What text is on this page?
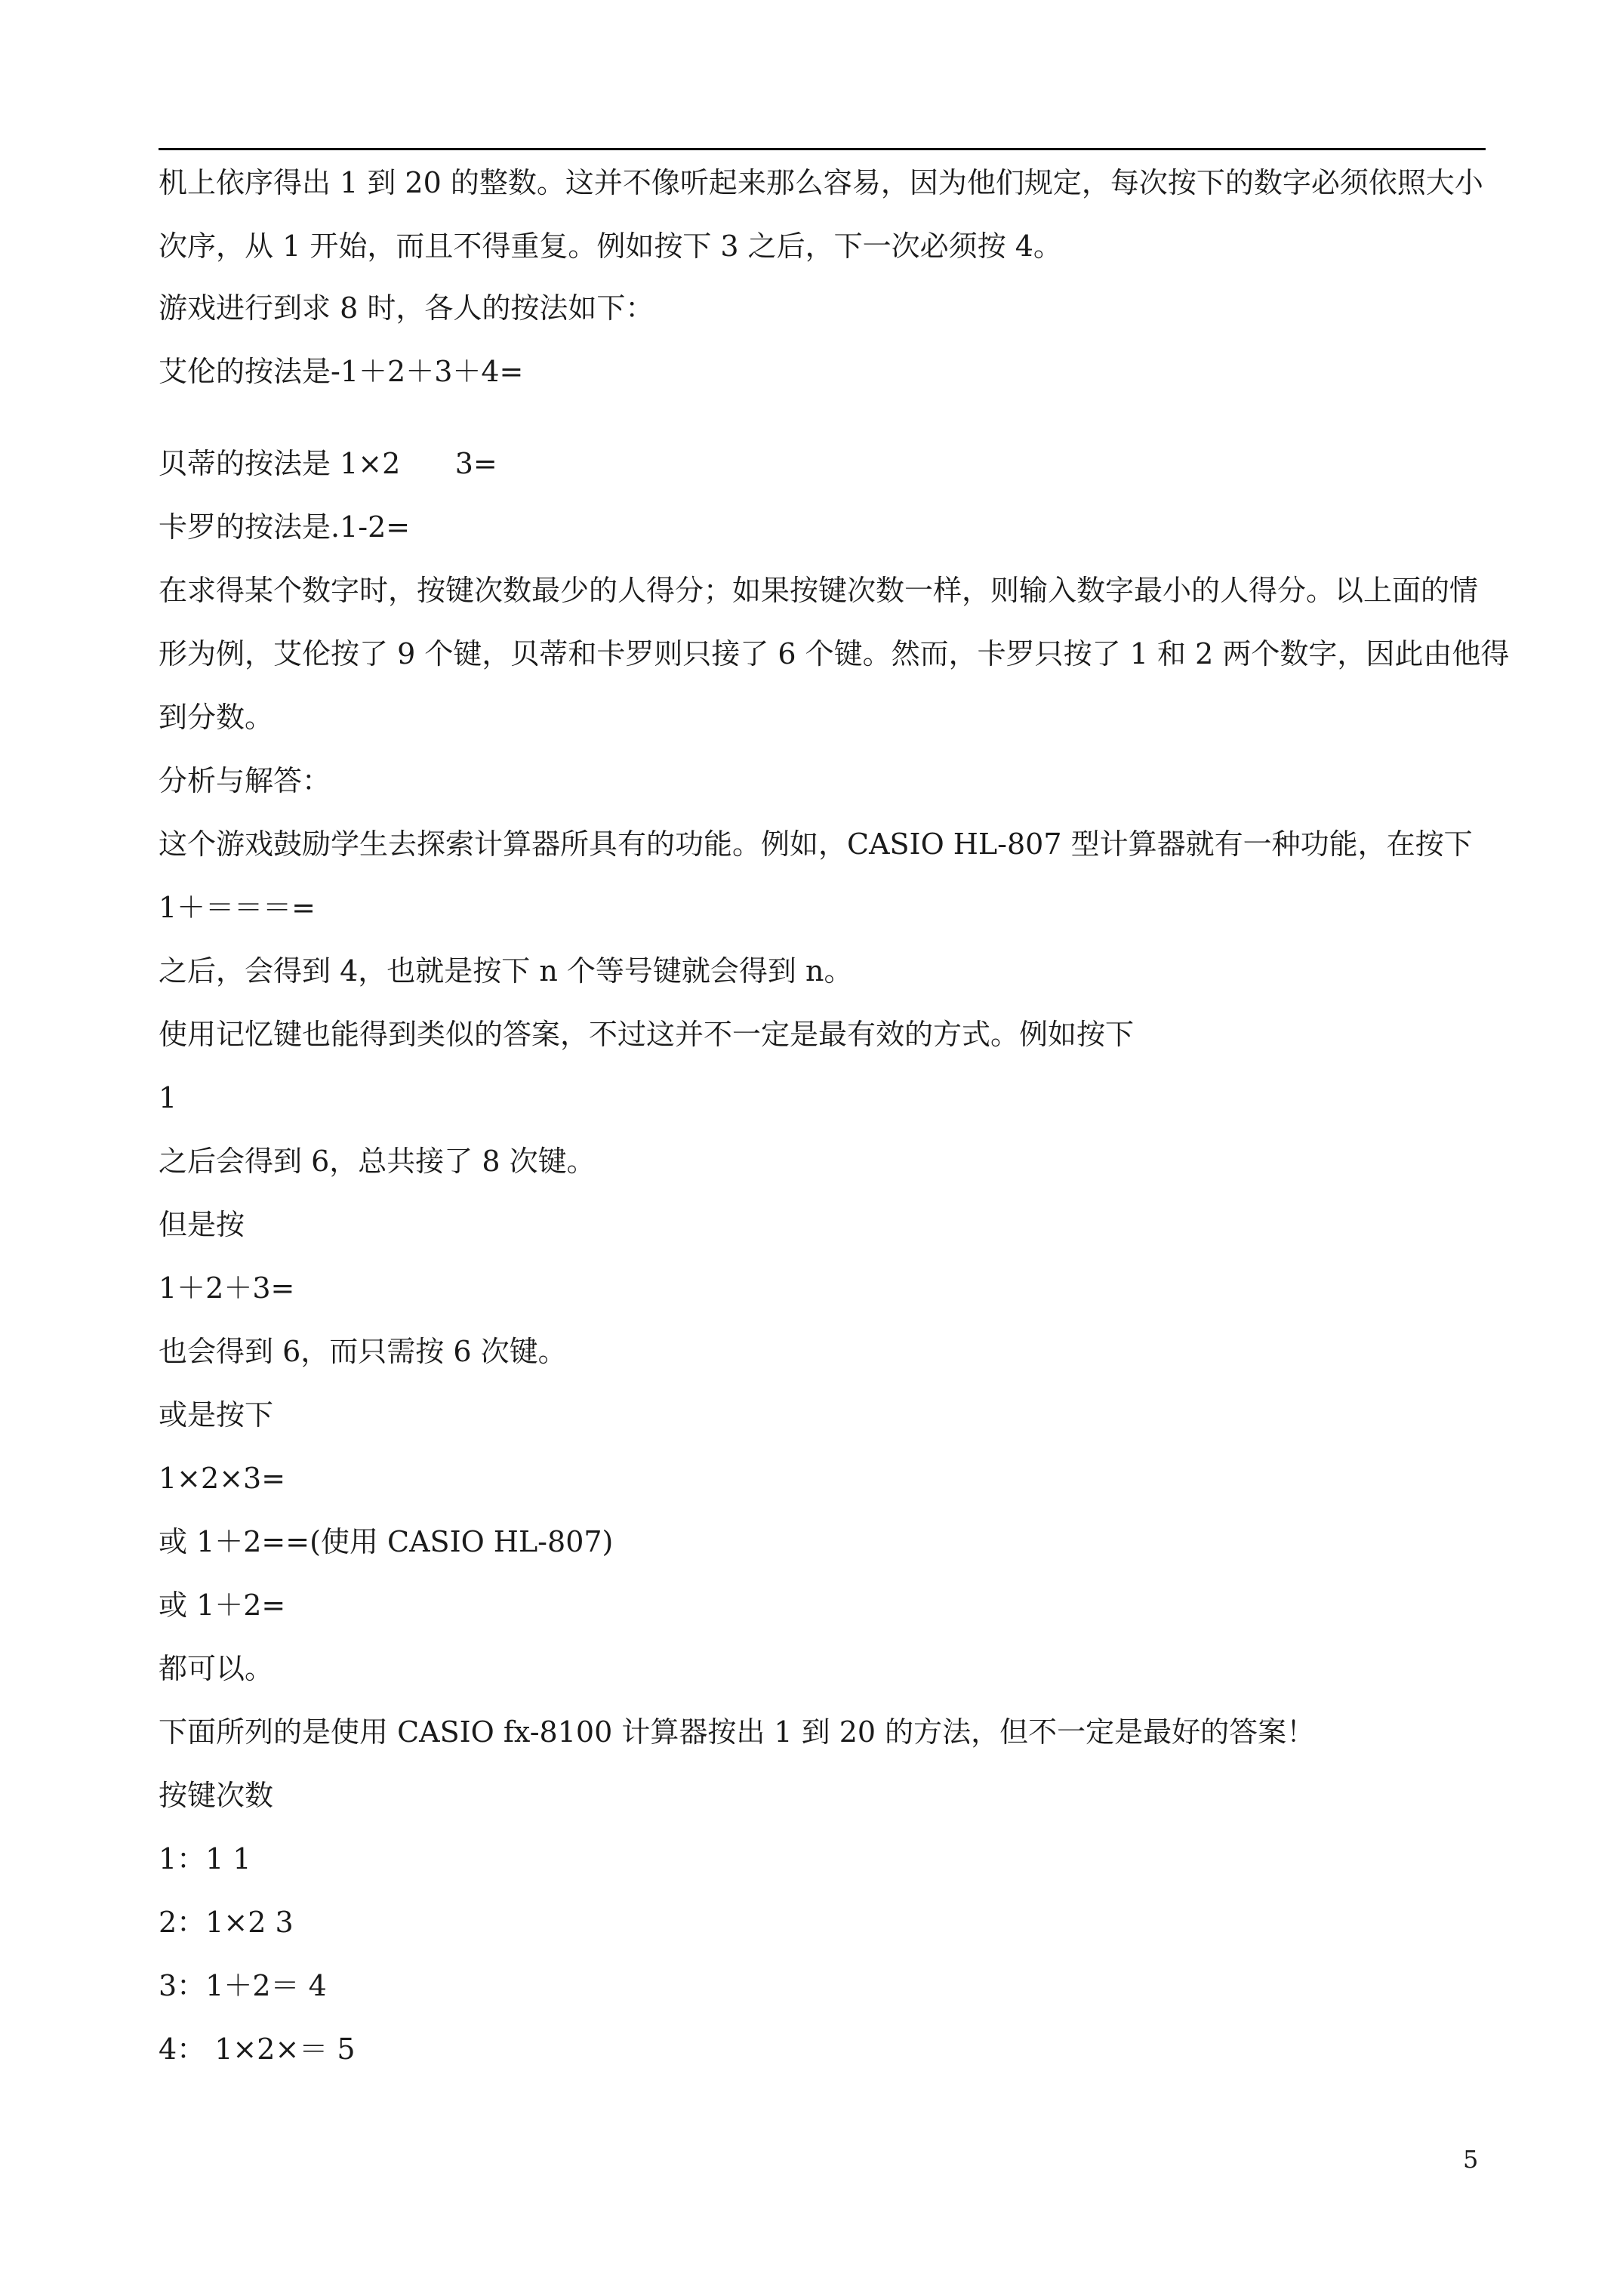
机上依序得出 1 到 20 的整数。这并不像听起来那么容易，因为他们规定，每次按下的数字必须依照大小
次序，从 1 开始，而且不得重复。例如按下 3 之后，下一次必须按 4。
游戏进行到求 8 时，各人的按法如下：
艾伦的按法是-1＋2＋3＋4=
贝蒂的按法是 1×2      3=
卡罗的按法是.1-2=
在求得某个数字时，按键次数最少的人得分；如果按键次数一样，则输入数字最小的人得分。以上面的情
形为例，艾伦按了 9 个键，贝蒂和卡罗则只接了 6 个键。然而，卡罗只按了 1 和 2 两个数字，因此由他得
到分数。
分析与解答：
这个游戏鼓励学生去探索计算器所具有的功能。例如，CASIO HL-807 型计算器就有一种功能，在按下
1＋＝＝＝=
之后，会得到 4，也就是按下 n 个等号键就会得到 n。
使用记忆键也能得到类似的答案，不过这并不一定是最有效的方式。例如按下
1
之后会得到 6，总共接了 8 次键。
但是按
1＋2＋3=
也会得到 6，而只需按 6 次键。
或是按下
1×2×3=
或 1＋2==(使用 CASIO HL-807)
或 1＋2=
都可以。
下面所列的是使用 CASIO fx-8100 计算器按出 1 到 20 的方法，但不一定是最好的答案！
按键次数
1：1 1
2：1×2 3
3：1＋2＝ 4
4： 1×2×＝ 5
5
